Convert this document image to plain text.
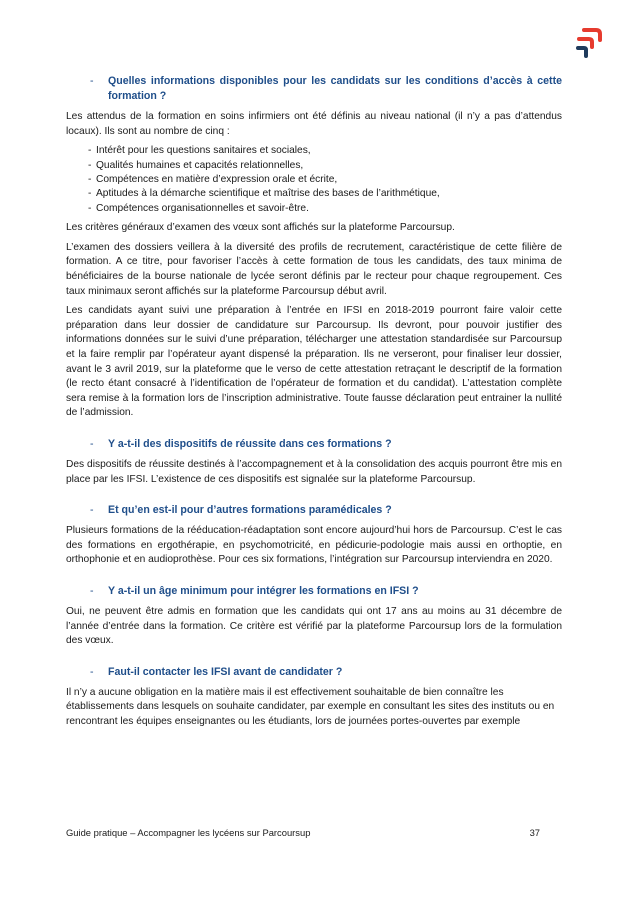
- Quelles informations disponibles pour les candidats sur les conditions d’accès à cette formation ?

Les attendus de la formation en soins infirmiers ont été définis au niveau national (il n’y a pas d’attendus locaux). Ils sont au nombre de cinq :

- Intérêt pour les questions sanitaires et sociales,
- Qualités humaines et capacités relationnelles,
- Compétences en matière d’expression orale et écrite,
- Aptitudes à la démarche scientifique et maîtrise des bases de l’arithmétique,
- Compétences organisationnelles et savoir-être.

Les critères généraux d’examen des vœux sont affichés sur la plateforme Parcoursup.

L’examen des dossiers veillera à la diversité des profils de recrutement, caractéristique de cette filière de formation. A ce titre, pour favoriser l’accès à cette formation de tous les candidats, des taux minima de bénéficiaires de la bourse nationale de lycée seront définis par le recteur pour chaque regroupement. Ces taux minimaux seront affichés sur la plateforme Parcoursup début avril.

Les candidats ayant suivi une préparation à l’entrée en IFSI en 2018-2019 pourront faire valoir cette préparation dans leur dossier de candidature sur Parcoursup. Ils devront, pour pouvoir justifier des informations données sur le suivi d’une préparation, télécharger une attestation standardisée sur Parcoursup et la faire remplir par l’opérateur ayant dispensé la préparation. Ils ne verseront, pour finaliser leur dossier, avant le 3 avril 2019, sur la plateforme que le verso de cette attestation retraçant le descriptif de la formation (le recto étant consacré à l’identification de l’opérateur de formation et du candidat). L’attestation complète sera remise à la formation lors de l’inscription administrative. Toute fausse déclaration peut entrainer la nullité de l’admission.

- Y a-t-il des dispositifs de réussite dans ces formations ?

Des dispositifs de réussite destinés à l’accompagnement et à la consolidation des acquis pourront être mis en place par les IFSI. L’existence de ces dispositifs est signalée sur la plateforme Parcoursup.

- Et qu’en est-il pour d’autres formations paramédicales ?

Plusieurs formations de la rééducation-réadaptation sont encore aujourd’hui hors de Parcoursup. C’est le cas des formations en ergothérapie, en psychomotricité, en pédicurie-podologie mais aussi en orthoptie, en orthophonie et en audioprothèse. Pour ces six formations, l’intégration sur Parcoursup interviendra en 2020.

- Y a-t-il un âge minimum pour intégrer les formations en IFSI ?

Oui, ne peuvent être admis en formation que les candidats qui ont 17 ans au moins au 31 décembre de l’année d’entrée dans la formation. Ce critère est vérifié par la plateforme Parcoursup lors de la formulation des vœux.

- Faut-il contacter les IFSI avant de candidater ?

Il n’y a aucune obligation en la matière mais il est effectivement souhaitable de bien connaître les établissements dans lesquels on souhaite candidater, par exemple en consultant les sites des instituts ou en rencontrant les équipes enseignantes ou les étudiants, lors de journées portes-ouvertes par exemple

Guide pratique – Accompagner les lycéens sur Parcoursup	37
